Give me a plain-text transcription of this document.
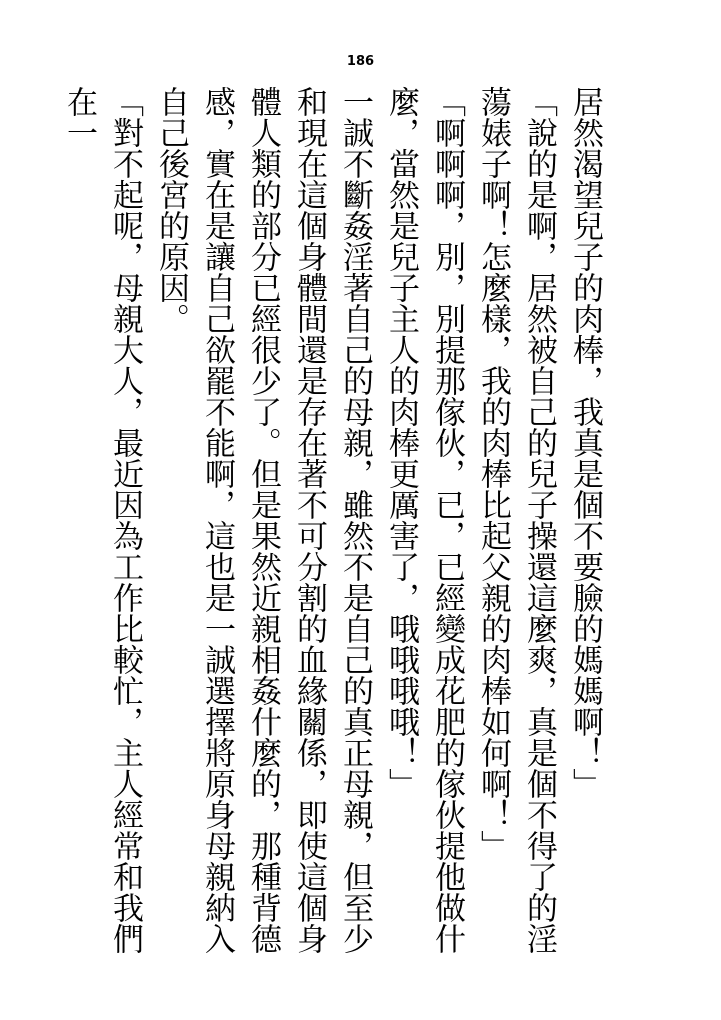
186

居然渴望兒子的肉棒，我真是個不要臉的媽媽啊！」

「說的是啊，居然被自己的兒子操還這麼爽，真是個不得了的淫蕩婊子啊！怎麼樣，我的肉棒比起父親的肉棒如何啊！」

「啊啊啊，別，別提那傢伙，已，已經變成花肥的傢伙提他做什麼，當然是兒子主人的肉棒更厲害了，哦哦哦哦！」

一誠不斷姦淫著自己的母親，雖然不是自己的真正母親，但至少和現在這個身體間還是存在著不可分割的血緣關係，即使這個身體人類的部分已經很少了。但是果然近親相姦什麼的，那種背德感，實在是讓自己欲罷不能啊，這也是一誠選擇將原身母親納入自己後宮的原因。

「對不起呢，母親大人，最近因為工作比較忙，主人經常和我們在一
